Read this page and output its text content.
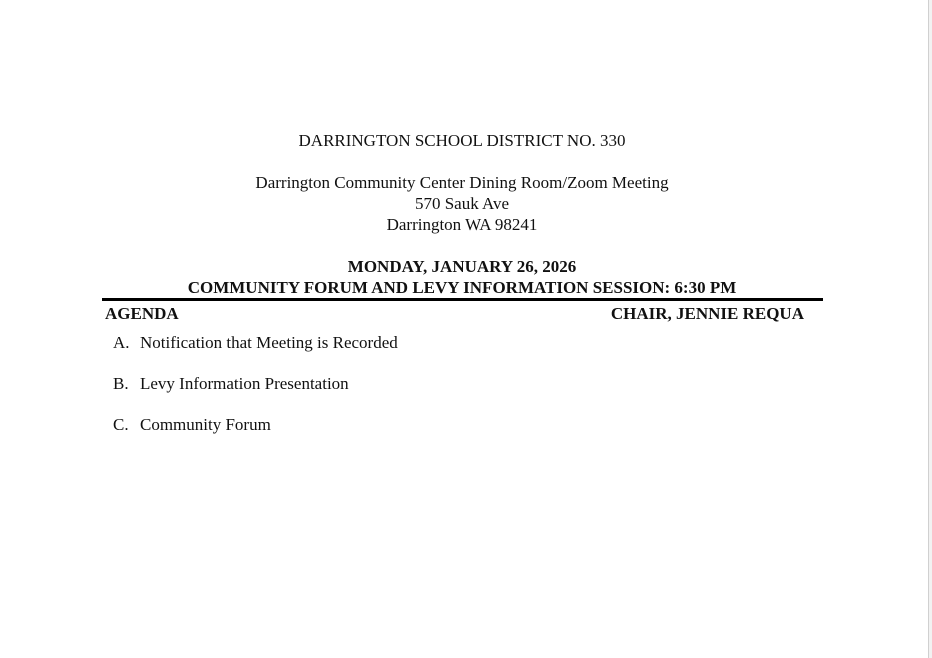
DARRINGTON SCHOOL DISTRICT NO. 330
Darrington Community Center Dining Room/Zoom Meeting
570 Sauk Ave
Darrington WA 98241
MONDAY, JANUARY 26, 2026
COMMUNITY FORUM AND LEVY INFORMATION SESSION: 6:30 PM
AGENDA	CHAIR, JENNIE REQUA
A. Notification that Meeting is Recorded
B. Levy Information Presentation
C. Community Forum
